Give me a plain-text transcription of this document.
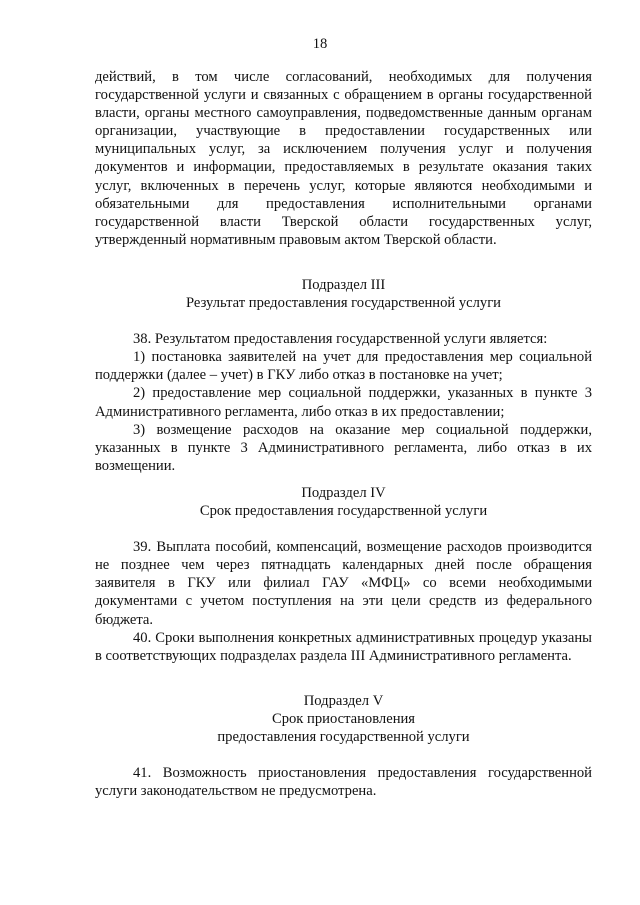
18

действий, в том числе согласований, необходимых для получения государственной услуги и связанных с обращением в органы государственной власти, органы местного самоуправления, подведомственные данным органам организации, участвующие в предоставлении государственных или муниципальных услуг, за исключением получения услуг и получения документов и информации, предоставляемых в результате оказания таких услуг, включенных в перечень услуг, которые являются необходимыми и обязательными для предоставления исполнительными органами государственной власти Тверской области государственных услуг, утвержденный нормативным правовым актом Тверской области.

Подраздел III

Результат предоставления государственной услуги

38. Результатом предоставления государственной услуги является:

1) постановка заявителей на учет для предоставления мер социальной поддержки (далее – учет) в ГКУ либо отказ в постановке на учет;

2) предоставление мер социальной поддержки, указанных в пункте 3 Административного регламента, либо отказ в их предоставлении;

3) возмещение расходов на оказание мер социальной поддержки, указанных в пункте 3 Административного регламента, либо отказ в их возмещении.

Подраздел IV

Срок предоставления государственной услуги

39. Выплата пособий, компенсаций, возмещение расходов производится не позднее чем через пятнадцать календарных дней после обращения заявителя в ГКУ или филиал ГАУ «МФЦ» со всеми необходимыми документами с учетом поступления на эти цели средств из федерального бюджета.

40. Сроки выполнения конкретных административных процедур указаны в соответствующих подразделах раздела III Административного регламента.

Подраздел V

Срок приостановления

предоставления государственной услуги

41. Возможность приостановления предоставления государственной услуги законодательством не предусмотрена.
